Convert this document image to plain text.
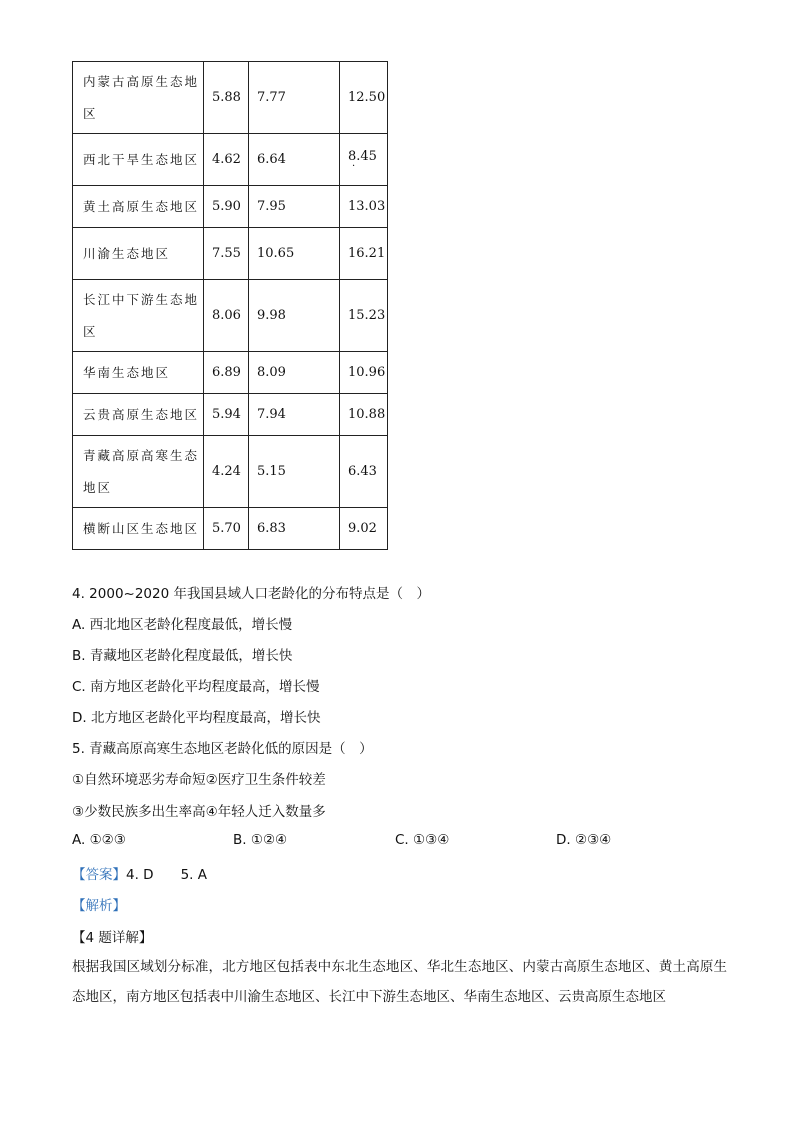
内蒙古高原生态地区	5.88	7.77	12.50
西北干旱生态地区	4.62	6.64	8.45
·

黄土高原生态地区	5.90	7.95	13.03
川渝生态地区	7.55	10.65	16.21
长江中下游生态地区	8.06	9.98	15.23
华南生态地区	6.89	8.09	10.96
云贵高原生态地区	5.94	7.94	10.88
青藏高原高寒生态地区	4.24	5.15	6.43
横断山区生态地区	5.70	6.83	9.02
4. 2000~2020 年我国县域人口老龄化的分布特点是（　）
A. 西北地区老龄化程度最低，增长慢
B. 青藏地区老龄化程度最低，增长快
C. 南方地区老龄化平均程度最高，增长慢
D. 北方地区老龄化平均程度最高，增长快
5. 青藏高原高寒生态地区老龄化低的原因是（　）
①自然环境恶劣寿命短②医疗卫生条件较差
③少数民族多出生率高④年轻人迁入数量多
A. ①②③	B. ①②④	C. ①③④	D. ②③④
【答案】4. D　　5. A
【解析】
【4 题详解】
根据我国区域划分标准，北方地区包括表中东北生态地区、华北生态地区、内蒙古高原生态地区、黄土高原生态地区，南方地区包括表中川渝生态地区、长江中下游生态地区、华南生态地区、云贵高原生态地区
